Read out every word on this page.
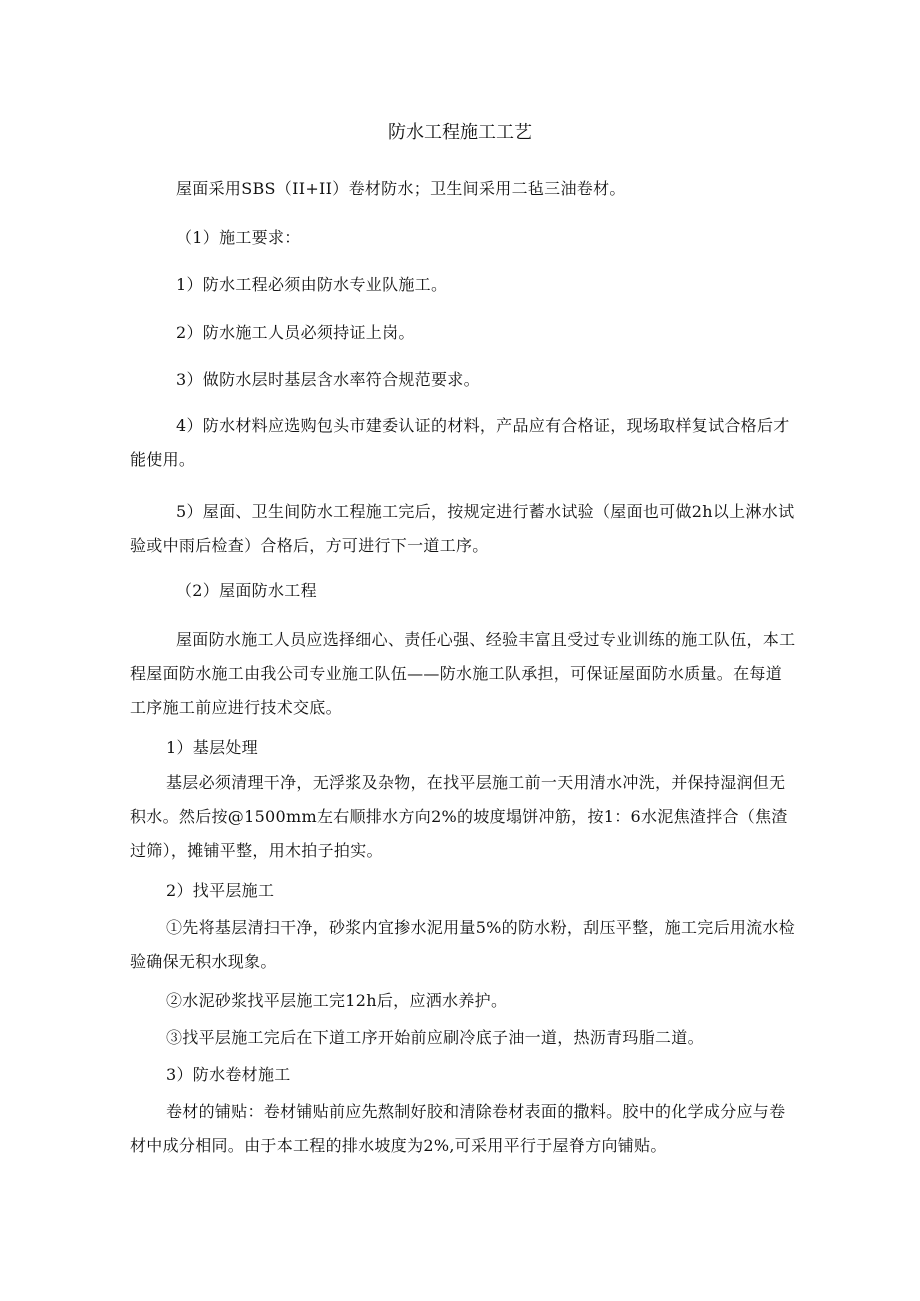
防水工程施工工艺

屋面采用SBS（II+II）卷材防水；卫生间采用二毡三油卷材。

（1）施工要求：

1）防水工程必须由防水专业队施工。

2）防水施工人员必须持证上岗。

3）做防水层时基层含水率符合规范要求。

4）防水材料应选购包头市建委认证的材料，产品应有合格证，现场取样复试合格后才能使用。

5）屋面、卫生间防水工程施工完后，按规定进行蓄水试验（屋面也可做2h以上淋水试验或中雨后检查）合格后，方可进行下一道工序。

（2）屋面防水工程

屋面防水施工人员应选择细心、责任心强、经验丰富且受过专业训练的施工队伍，本工程屋面防水施工由我公司专业施工队伍——防水施工队承担，可保证屋面防水质量。在每道工序施工前应进行技术交底。

1）基层处理

基层必须清理干净，无浮浆及杂物，在找平层施工前一天用清水冲洗，并保持湿润但无积水。然后按@1500mm左右顺排水方向2%的坡度塌饼冲筋，按1：6水泥焦渣拌合（焦渣过筛），摊铺平整，用木拍子拍实。

2）找平层施工

①先将基层清扫干净，砂浆内宜掺水泥用量5%的防水粉，刮压平整，施工完后用流水检验确保无积水现象。

②水泥砂浆找平层施工完12h后，应洒水养护。

③找平层施工完后在下道工序开始前应刷冷底子油一道，热沥青玛脂二道。

3）防水卷材施工

卷材的铺贴：卷材铺贴前应先熬制好胶和清除卷材表面的撒料。胶中的化学成分应与卷材中成分相同。由于本工程的排水坡度为2%,可采用平行于屋脊方向铺贴。
